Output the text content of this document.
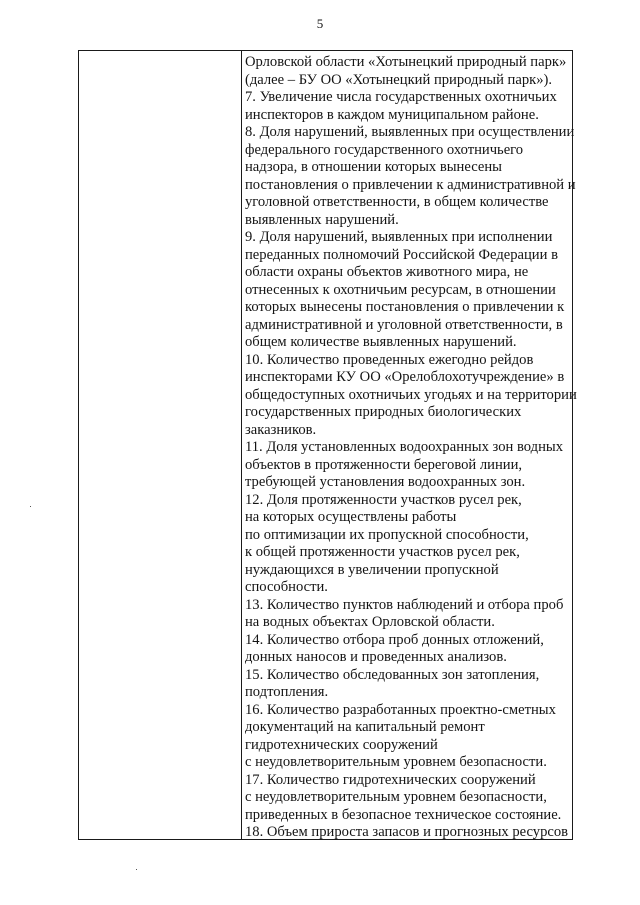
5
Орловской области «Хотынецкий природный парк»
(далее – БУ ОО «Хотынецкий природный парк»).
7. Увеличение числа государственных охотничьих
инспекторов в каждом муниципальном районе.
8. Доля нарушений, выявленных при осуществлении
федерального государственного охотничьего
надзора, в отношении которых вынесены
постановления о привлечении к административной и
уголовной ответственности, в общем количестве
выявленных нарушений.
9. Доля нарушений, выявленных при исполнении
переданных полномочий Российской Федерации в
области охраны объектов животного мира, не
отнесенных к охотничьим ресурсам, в отношении
которых вынесены постановления о привлечении к
административной и уголовной ответственности, в
общем количестве выявленных нарушений.
10. Количество проведенных ежегодно рейдов
инспекторами КУ ОО «Орелоблохотучреждение» в
общедоступных охотничьих угодьях и на территории
государственных природных биологических
заказников.
11. Доля установленных водоохранных зон водных
объектов в протяженности береговой линии,
требующей установления водоохранных зон.
12. Доля протяженности участков русел рек,
на которых осуществлены работы
по оптимизации их пропускной способности,
к общей протяженности участков русел рек,
нуждающихся в увеличении пропускной
способности.
13. Количество пунктов наблюдений и отбора проб
на водных объектах Орловской области.
14. Количество отбора проб донных отложений,
донных наносов и проведенных анализов.
15. Количество обследованных зон затопления,
подтопления.
16. Количество разработанных проектно-сметных
документаций на капитальный ремонт
гидротехнических сооружений
с неудовлетворительным уровнем безопасности.
17. Количество гидротехнических сооружений
с неудовлетворительным уровнем безопасности,
приведенных в безопасное техническое состояние.
18. Объем прироста запасов и прогнозных ресурсов
